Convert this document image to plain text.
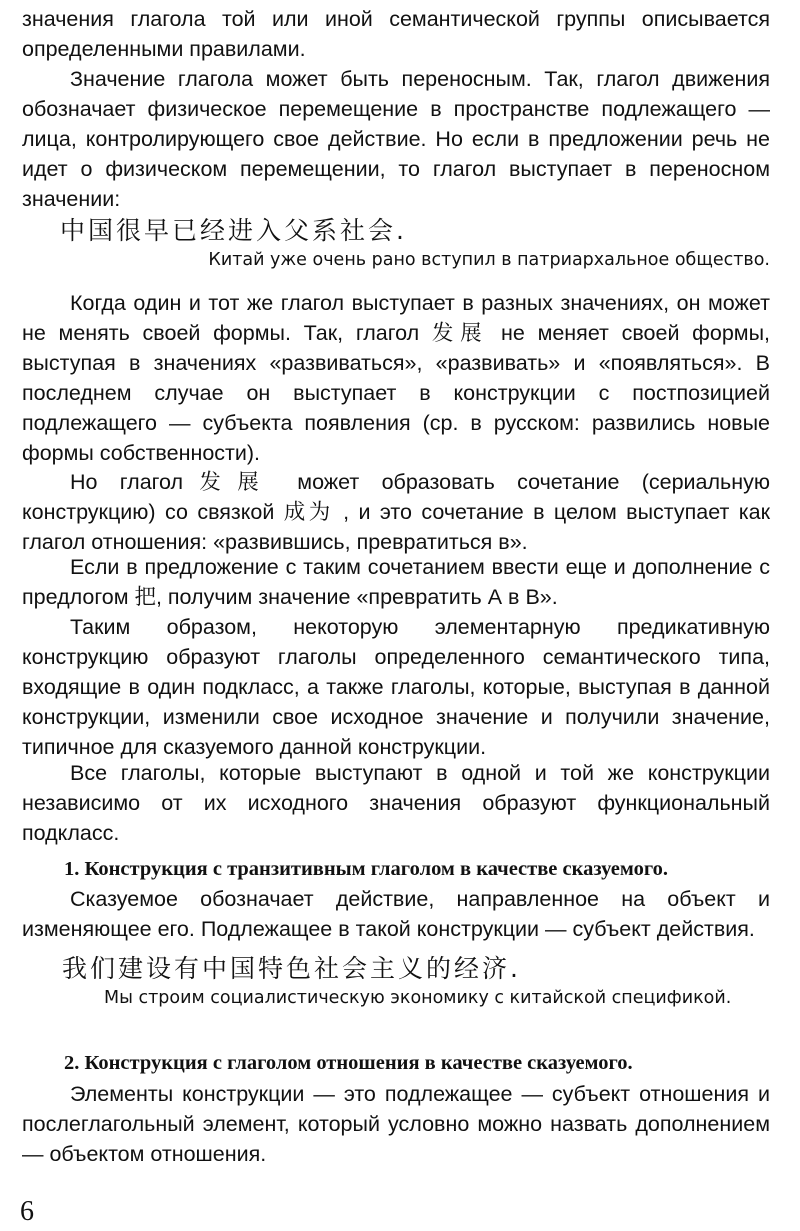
значения глагола той или иной семантической группы описывается определенными правилами.

Значение глагола может быть переносным. Так, глагол движения обозначает физическое перемещение в пространстве подлежащего — лица, контролирующего свое действие. Но если в предложении речь не идет о физическом перемещении, то глагол выступает в переносном значении:

中国很早已经进入父系社会.
Китай уже очень рано вступил в патриархальное общество.

Когда один и тот же глагол выступает в разных значениях, он может не менять своей формы. Так, глагол 发展 не меняет своей формы, выступая в значениях «развиваться», «развивать» и «появляться». В последнем случае он выступает в конструкции с постпозицией подлежащего — субъекта появления (ср. в русском: развились новые формы собственности).

Но глагол发展 может образовать сочетание (сериальную конструкцию) со связкой 成为 , и это сочетание в целом выступает как глагол отношения: «развившись, превратиться в».

Если в предложение с таким сочетанием ввести еще и дополнение с предлогом 把, получим значение «превратить А в В».

Таким образом, некоторую элементарную предикативную конструкцию образуют глаголы определенного семантического типа, входящие в один подкласс, а также глаголы, которые, выступая в данной конструкции, изменили свое исходное значение и получили значение, типичное для сказуемого данной конструкции.

Все глаголы, которые выступают в одной и той же конструкции независимо от их исходного значения образуют функциональный подкласс.

1. Конструкция с транзитивным глаголом в качестве сказуемого.

Сказуемое обозначает действие, направленное на объект и изменяющее его. Подлежащее в такой конструкции — субъект действия.

我们建设有中国特色社会主义的经济.
Мы строим социалистическую экономику с китайской спецификой.
2. Конструкция с глаголом отношения в качестве сказуемого.

Элементы конструкции — это подлежащее — субъект отношения и послеглагольный элемент, который условно можно назвать дополнением — объектом отношения.

6
